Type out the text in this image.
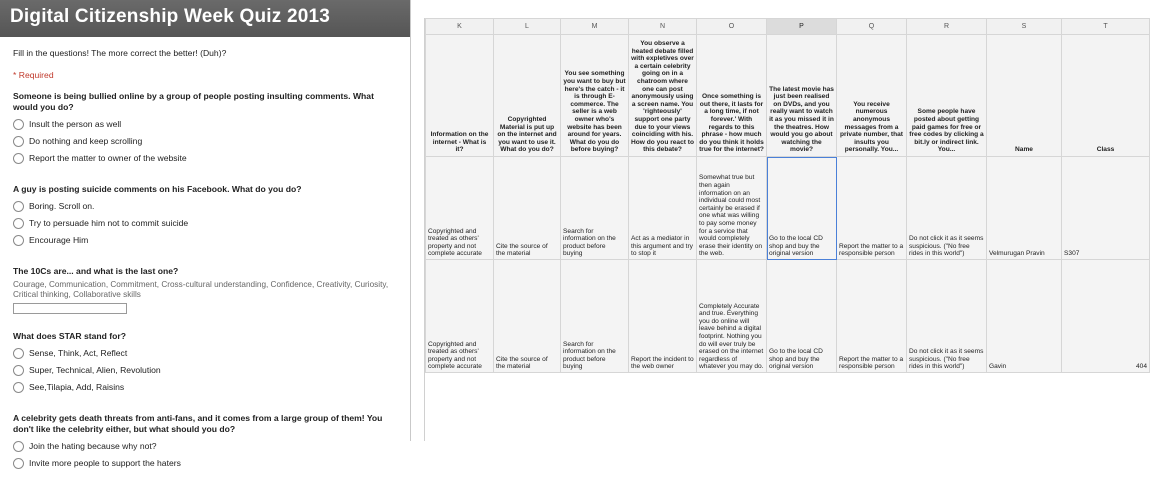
Digital Citizenship Week Quiz 2013
Fill in the questions! The more correct the better! (Duh)?
* Required
Someone is being bullied online by a group of people posting insulting comments. What would you do?
Insult the person as well
Do nothing and keep scrolling
Report the matter to owner of the website
A guy is posting suicide comments on his Facebook. What do you do?
Boring. Scroll on.
Try to persuade him not to commit suicide
Encourage Him
The 10Cs are... and what is the last one?
Courage, Communication, Commitment, Cross-cultural understanding, Confidence, Creativity, Curiosity, Critical thinking, Collaborative skills
What does STAR stand for?
Sense, Think, Act, Reflect
Super, Technical, Alien, Revolution
See,Tilapia, Add, Raisins
A celebrity gets death threats from anti-fans, and it comes from a large group of them! You don't like the celebrity either, but what should you do?
Join the hating because why not?
Invite more people to support the haters
K	L	M	N	O	P	Q	R	S	T
Information on the internet - What is it?	Copyrighted Material is put up on the internet and you want to use it. What do you do?	You see something you want to buy but here's the catch - it is through E-commerce. The seller is a web owner who's website has been around for years. What do you do before buying?	You observe a heated debate filled with expletives over a certain celebrity going on in a chatroom where one can post anonymously using a screen name. You 'righteously' support one party due to your views coinciding with his. How do you react to this debate?	Once something is out there, it lasts for a long time, if not forever.' With regards to this phrase - how much do you think it holds true for the internet?	The latest movie has just been realised on DVDs, and you really want to watch it as you missed it in the theatres. How would you go about watching the movie?	You receive numerous anonymous messages from a private number, that insults you personally. You...	Some people have posted about getting paid games for free or free codes by clicking a bit.ly or indirect link. You...	Name	Class
Copyrighted and treated as others' property and not complete accurate	Cite the source of the material	Search for information on the product before buying	Act as a mediator in this argument and try to stop it	Somewhat true but then again information on an individual could most certainly be erased if one what was willing to pay some money for a service that would completely erase their identity on the web.	Go to the local CD shop and buy the original version	Report the matter to a responsible person	Do not click it as it seems suspicious. ("No free rides in this world")	Velmurugan Pravin	S307
Copyrighted and treated as others' property and not complete accurate	Cite the source of the material	Search for information on the product before buying	Report the incident to the web owner	Completely Accurate and true. Everything you do online will leave behind a digital footprint. Nothing you do will ever truly be erased on the internet regardless of whatever you may do.	Go to the local CD shop and buy the original version	Report the matter to a responsible person	Do not click it as it seems suspicious. ("No free rides in this world")	Gavin	404
